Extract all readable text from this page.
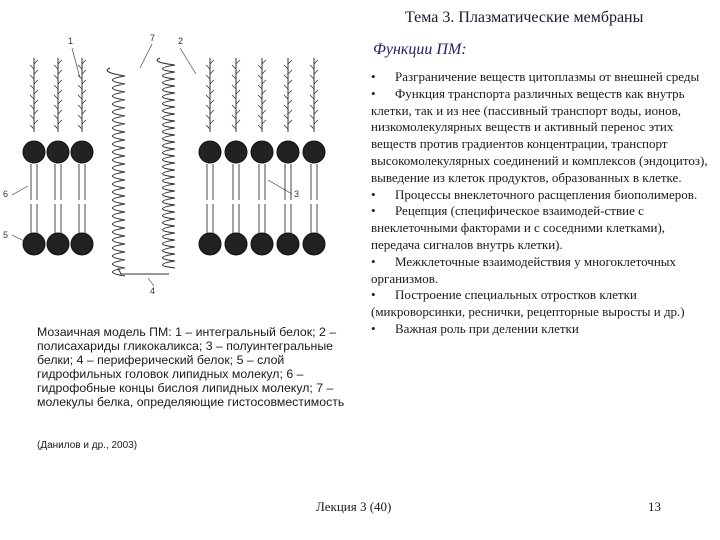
Тема 3. Плазматические мембраны
Функции ПМ:

• Разграничение веществ цитоплазмы от внешней среды

• Функция транспорта различных веществ как внутрь клетки, так и из нее (пассивный транспорт воды, ионов, низкомолекулярных веществ и активный перенос этих веществ против градиентов концентрации, транспорт высокомолекулярных соединений и комплексов (эндоцитоз), выведение из клеток продуктов, образованных в клетке.

• Процессы внеклеточного расщепления биополимеров.

• Рецепция (специфическое взаимодей-ствие с внеклеточными факторами и с соседними клетками), передача сигналов внутрь клетки).

• Межклеточные взаимодействия у многоклеточных организмов.

• Построение специальных отростков клетки (микроворсинки, реснички, рецепторные выросты и др.)

• Важная роль при делении клетки

1	7	2
6
5
4
3
Мозаичная модель ПМ: 1 – интегральный белок; 2 – полисахариды гликокаликса; 3 – полуинтегральные белки; 4 – периферический белок; 5 – слой гидрофильных головок липидных молекул; 6 – гидрофобные концы бислоя липидных молекул; 7 – молекулы белка, определяющие гистосовместимость
(Данилов и др., 2003)
Лекция 3 (40)	13
